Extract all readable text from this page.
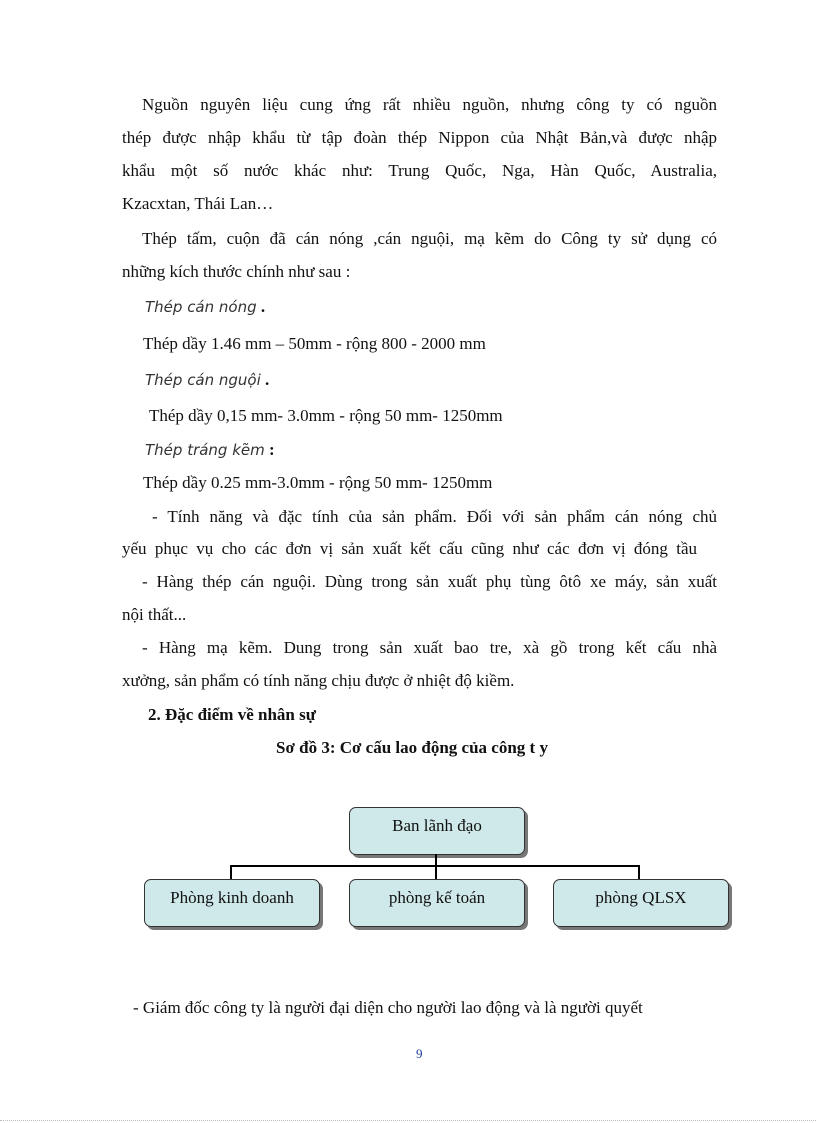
Nguồn nguyên liệu cung ứng rất nhiều nguồn, nhưng công ty có nguồn
thép được nhập khẩu từ tập đoàn thép Nippon của Nhật Bản,và được nhập
khẩu một số nước khác như: Trung Quốc, Nga, Hàn Quốc, Australia,
Kzacxtan, Thái Lan…
Thép tấm, cuộn đã cán nóng ,cán nguội, mạ kẽm do Công ty sử dụng có
những kích thước chính như sau :
Thép cán nóng .
Thép dầy 1.46 mm – 50mm - rộng 800 - 2000 mm
Thép cán nguội .
Thép dầy 0,15 mm- 3.0mm - rộng 50 mm- 1250mm
Thép tráng kẽm :
Thép dầy 0.25 mm-3.0mm - rộng 50 mm- 1250mm
- Tính năng và đặc tính của sản phẩm. Đối với sản phẩm cán nóng chủ
yếu phục vụ cho các đơn vị sản xuất kết cấu cũng như các đơn vị đóng tầu
- Hàng thép cán nguội. Dùng trong sản xuất phụ tùng ôtô xe máy, sản xuất
nội thất...
- Hàng mạ kẽm. Dung trong sản xuất bao tre, xà gồ trong kết cấu nhà
xưởng, sản phẩm có tính năng chịu được ở nhiệt độ kiềm.
2. Đặc điểm về nhân sự
Sơ đồ 3: Cơ cấu lao động của công t y
Ban lãnh đạo
Phòng kinh doanh	phòng kế toán	phòng QLSX
- Giám đốc công ty là người đại diện cho người lao động và là người quyết
9
